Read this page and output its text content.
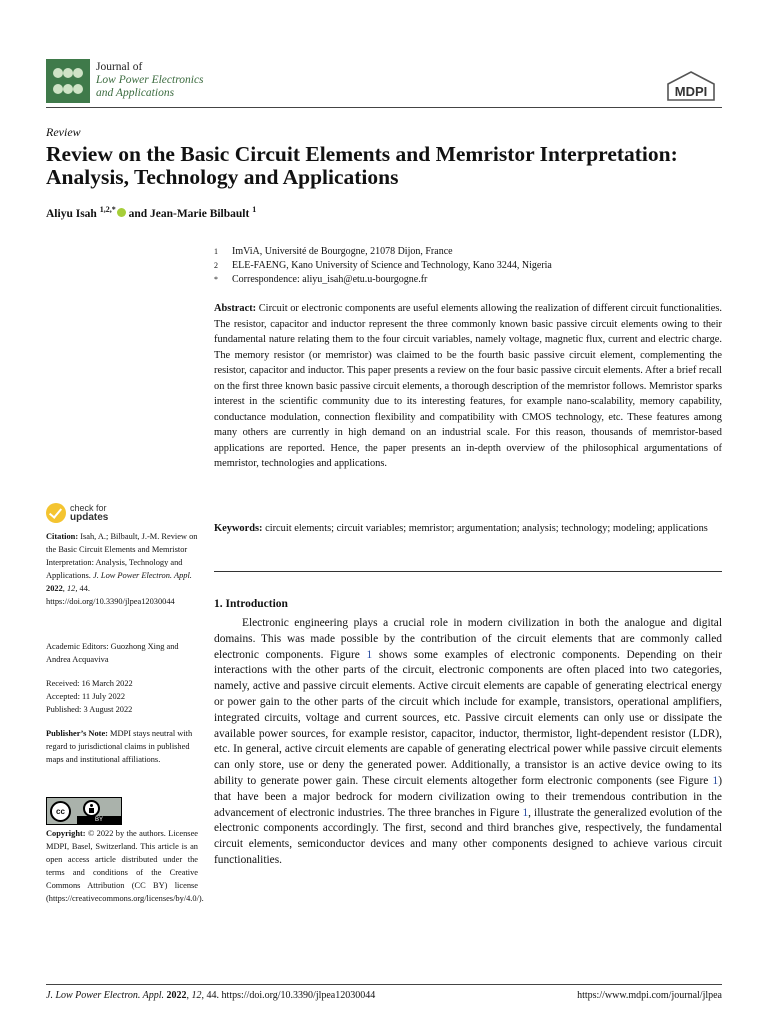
Journal of
Low Power Electronics
and Applications	MDPI
Review
Review on the Basic Circuit Elements and Memristor Interpretation: Analysis, Technology and Applications
Aliyu Isah $^{1,2,*}$ and Jean-Marie Bilbault $^1$
1	ImViA, Université de Bourgogne, 21078 Dijon, France
2	ELE-FAENG, Kano University of Science and Technology, Kano 3244, Nigeria
*	Correspondence: aliyu_isah@etu.u-bourgogne.fr
Abstract: Circuit or electronic components are useful elements allowing the realization of different circuit functionalities. The resistor, capacitor and inductor represent the three commonly known basic passive circuit elements owing to their fundamental nature relating them to the four circuit variables, namely voltage, magnetic flux, current and electric charge. The memory resistor (or memristor) was claimed to be the fourth basic passive circuit element, complementing the resistor, capacitor and inductor. This paper presents a review on the four basic passive circuit elements. After a brief recall on the first three known basic passive circuit elements, a thorough description of the memristor follows. Memristor sparks interest in the scientific community due to its interesting features, for example nano-scalability, memory capability, conductance modulation, connection flexibility and compatibility with CMOS technology, etc. These features among many others are currently in high demand on an industrial scale. For this reason, thousands of memristor-based applications are reported. Hence, the paper presents an in-depth overview of the philosophical argumentations of memristor, technologies and applications.
Keywords: circuit elements; circuit variables; memristor; argumentation; analysis; technology; modeling; applications
1. Introduction
Electronic engineering plays a crucial role in modern civilization in both the analogue and digital domains. This was made possible by the contribution of the circuit elements that are commonly called electronic components. Figure 1 shows some examples of electronic components. Depending on their interactions with the other parts of the circuit, electronic components are often placed into two categories, namely, active and passive circuit elements. Active circuit elements are capable of generating electrical energy or power gain to the other parts of the circuit which include for example, transistors, operational amplifiers, integrated circuits, voltage and current sources, etc. Passive circuit elements can only use or dissipate the available power sources, for example resistor, capacitor, inductor, thermistor, light-dependent resistor (LDR), etc. In general, active circuit elements are capable of generating electrical power while passive circuit elements can only store, use or deny the generated power. Additionally, a transistor is an active device owing to its ability to generate power gain. These circuit elements altogether form electronic components (see Figure 1) that have been a major bedrock for modern civilization owing to their tremendous contribution in the advancement of electronic industries. The three branches in Figure 1, illustrate the generalized evolution of the electronic components accordingly. The first, second and third branches give, respectively, the fundamental circuit elements, semiconductor devices and many other components designed to achieve various circuit functionalities.
check for
updates
Citation: Isah, A.; Bilbault, J.-M. Review on the Basic Circuit Elements and Memristor Interpretation: Analysis, Technology and Applications. J. Low Power Electron. Appl. 2022, 12, 44. https://doi.org/10.3390/jlpea12030044
Academic Editors: Guozhong Xing and Andrea Acquaviva
Received: 16 March 2022
Accepted: 11 July 2022
Published: 3 August 2022
Publisher’s Note: MDPI stays neutral with regard to jurisdictional claims in published maps and institutional affiliations.
cc
BY
Copyright: © 2022 by the authors. Licensee MDPI, Basel, Switzerland. This article is an open access article distributed under the terms and conditions of the Creative Commons Attribution (CC BY) license (https://creativecommons.org/licenses/by/4.0/).
J. Low Power Electron. Appl. 2022, 12, 44. https://doi.org/10.3390/jlpea12030044	https://www.mdpi.com/journal/jlpea
